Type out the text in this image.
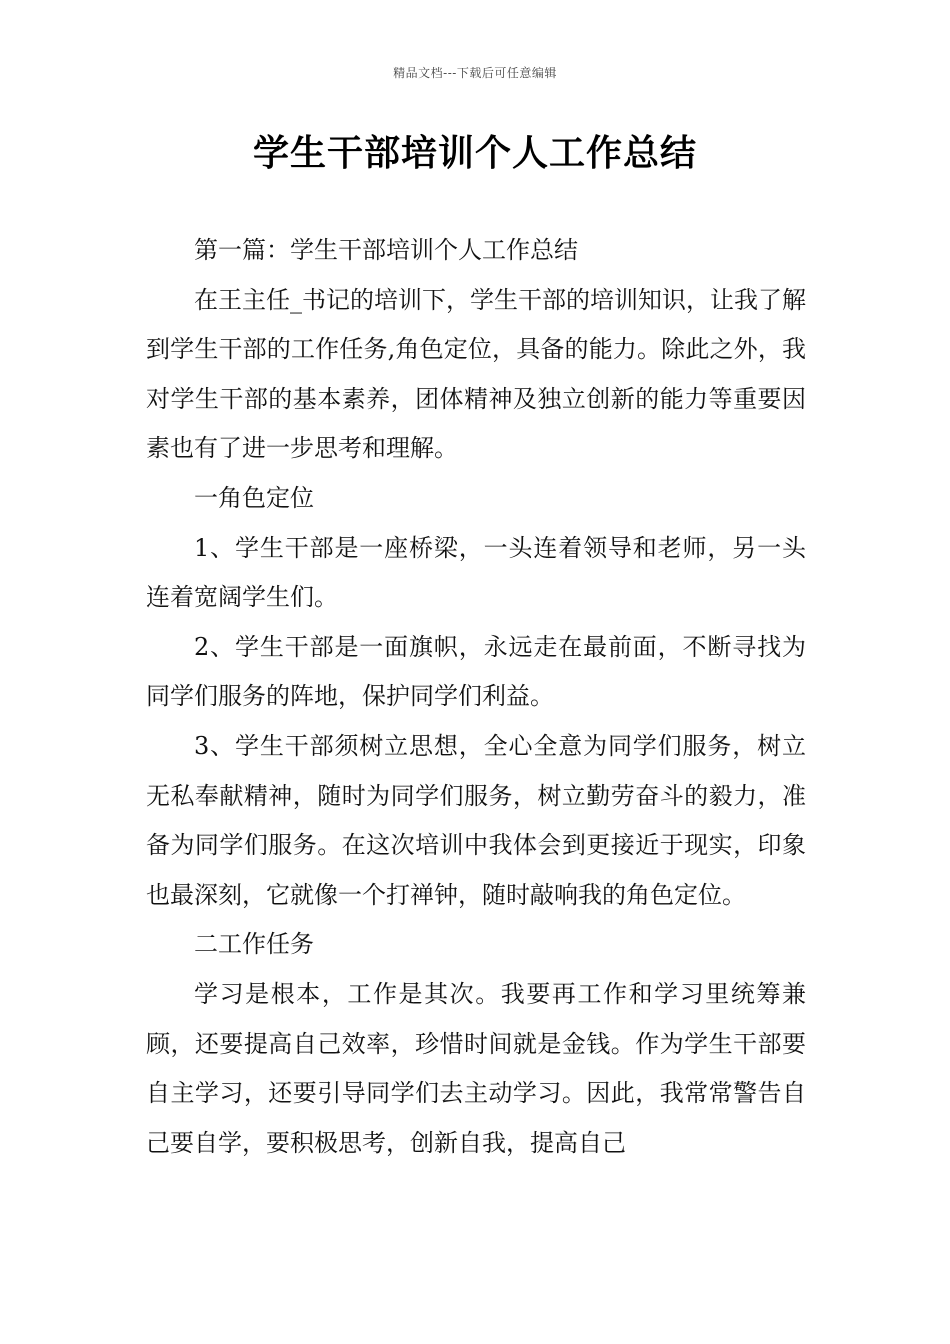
精品文档---下载后可任意编辑
学生干部培训个人工作总结

第一篇：学生干部培训个人工作总结

在王主任_书记的培训下，学生干部的培训知识，让我了解到学生干部的工作任务,角色定位，具备的能力。除此之外，我对学生干部的基本素养，团体精神及独立创新的能力等重要因素也有了进一步思考和理解。

一角色定位

1、学生干部是一座桥梁，一头连着领导和老师，另一头连着宽阔学生们。

2、学生干部是一面旗帜，永远走在最前面，不断寻找为同学们服务的阵地，保护同学们利益。

3、学生干部须树立思想，全心全意为同学们服务，树立无私奉献精神，随时为同学们服务，树立勤劳奋斗的毅力，准备为同学们服务。在这次培训中我体会到更接近于现实，印象也最深刻，它就像一个打禅钟，随时敲响我的角色定位。

二工作任务

学习是根本，工作是其次。我要再工作和学习里统筹兼顾，还要提高自己效率，珍惜时间就是金钱。作为学生干部要自主学习，还要引导同学们去主动学习。因此，我常常警告自己要自学，要积极思考，创新自我，提高自己
